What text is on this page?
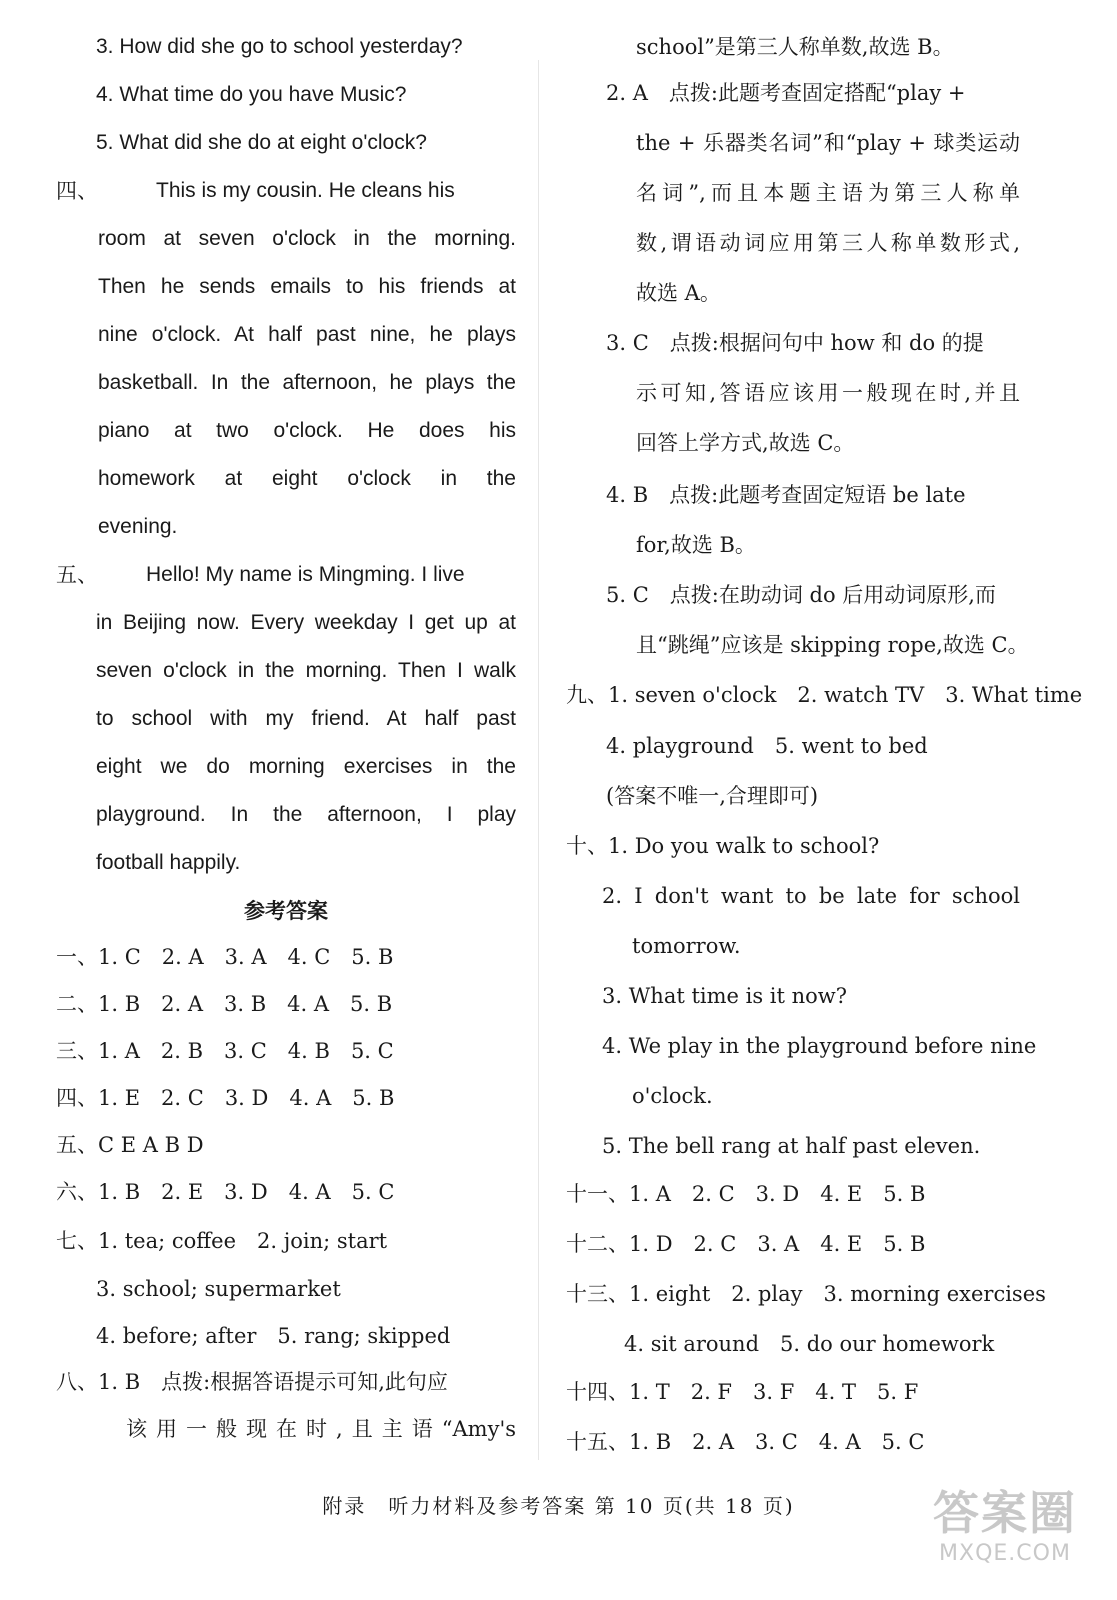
3. How did she go to school yesterday?
4. What time do you have Music?
5. What did she do at eight o'clock?
四、	This is my cousin. He cleans his
room at seven o'clock in the morning.
Then he sends emails to his friends at
nine o'clock. At half past nine, he plays
basketball. In the afternoon, he plays the
piano at two o'clock. He does his
homework at eight o'clock in the
evening.
五、 Hello! My name is Mingming. I live
in Beijing now. Every weekday I get up at
seven o'clock in the morning. Then I walk
to school with my friend. At half past
eight we do morning exercises in the
playground. In the afternoon, I play
football happily.
参考答案
一、1. C　2. A　3. A　4. C　5. B
二、1. B　2. A　3. B　4. A　5. B
三、1. A　2. B　3. C　4. B　5. C
四、1. E　2. C　3. D　4. A　5. B
五、C E A B D
六、1. B　2. E　3. D　4. A　5. C
七、1. tea; coffee　2. join; start
3. school; supermarket
4. before; after　5. rang; skipped
八、1. B　点拨:根据答语提示可知,此句应
该用一般现在时,且主语“Amy's
school”是第三人称单数,故选 B。
2. A　点拨:此题考查固定搭配“play +
the + 乐器类名词”和“play + 球类运动
名词”,而且本题主语为第三人称单
数,谓语动词应用第三人称单数形式,
故选 A。
3. C　点拨:根据问句中 how 和 do 的提
示可知,答语应该用一般现在时,并且
回答上学方式,故选 C。
4. B　点拨:此题考查固定短语 be late
for,故选 B。
5. C　点拨:在助动词 do 后用动词原形,而
且“跳绳”应该是 skipping rope,故选 C。
九、1. seven o'clock　2. watch TV　3. What time
4. playground　5. went to bed
(答案不唯一,合理即可)
十、1. Do you walk to school?
2. I don't want to be late for school
tomorrow.
3. What time is it now?
4. We play in the playground before nine
o'clock.
5. The bell rang at half past eleven.
十一、1. A　2. C　3. D　4. E　5. B
十二、1. D　2. C　3. A　4. E　5. B
十三、1. eight　2. play　3. morning exercises
4. sit around　5. do our homework
十四、1. T　2. F　3. F　4. T　5. F
十五、1. B　2. A　3. C　4. A　5. C
附录　听力材料及参考答案 第 10 页(共 18 页)	答案圈
MXQE.COM
